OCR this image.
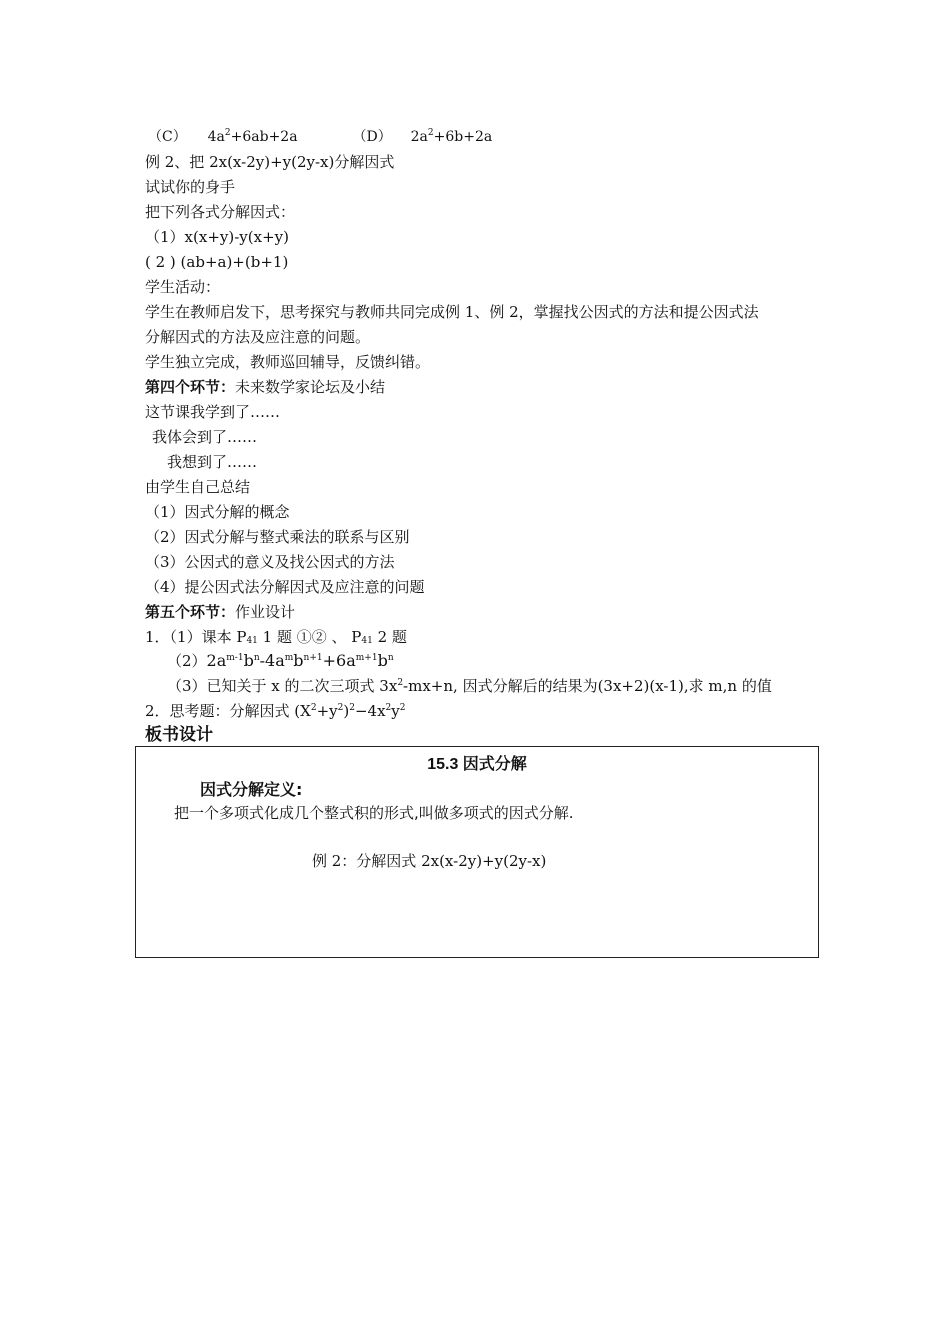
（C） $4a^2+6ab+2a$	（D） $2a^2+6b+2a$
例 2、把 2x(x-2y)+y(2y-x)分解因式
试试你的身手
把下列各式分解因式：
（1）x(x+y)-y(x+y)
( 2 ) (ab+a)+(b+1)
学生活动：
学生在教师启发下，思考探究与教师共同完成例 1、例 2，掌握找公因式的方法和提公因式法
分解因式的方法及应注意的问题。
学生独立完成，教师巡回辅导，反馈纠错。
第四个环节：未来数学家论坛及小结
这节课我学到了……
我体会到了……
我想到了……
由学生自己总结
（1）因式分解的概念
（2）因式分解与整式乘法的联系与区别
（3）公因式的意义及找公因式的方法
（4）提公因式法分解因式及应注意的问题
第五个环节：作业设计
1．（1）课本 $P_{41}$ 1 题 ①② 、 $P_{41}$ 2 题
$(2)2a^{m-1}b^n-4a^mb^{n+1}+6a^{m+1}b^n$
（3）已知关于 x 的二次三项式 $3x^2-mx+n$, 因式分解后的结果为(3x+2)(x-1),求 m,n 的值
2．思考题：分解因式 $(X^2+y^2)^2-4x^2y^2$
板书设计
15.3 因式分解
因式分解定义:
把一个多项式化成几个整式积的形式,叫做多项式的因式分解.
例 2：分解因式 2x(x-2y)+y(2y-x)
